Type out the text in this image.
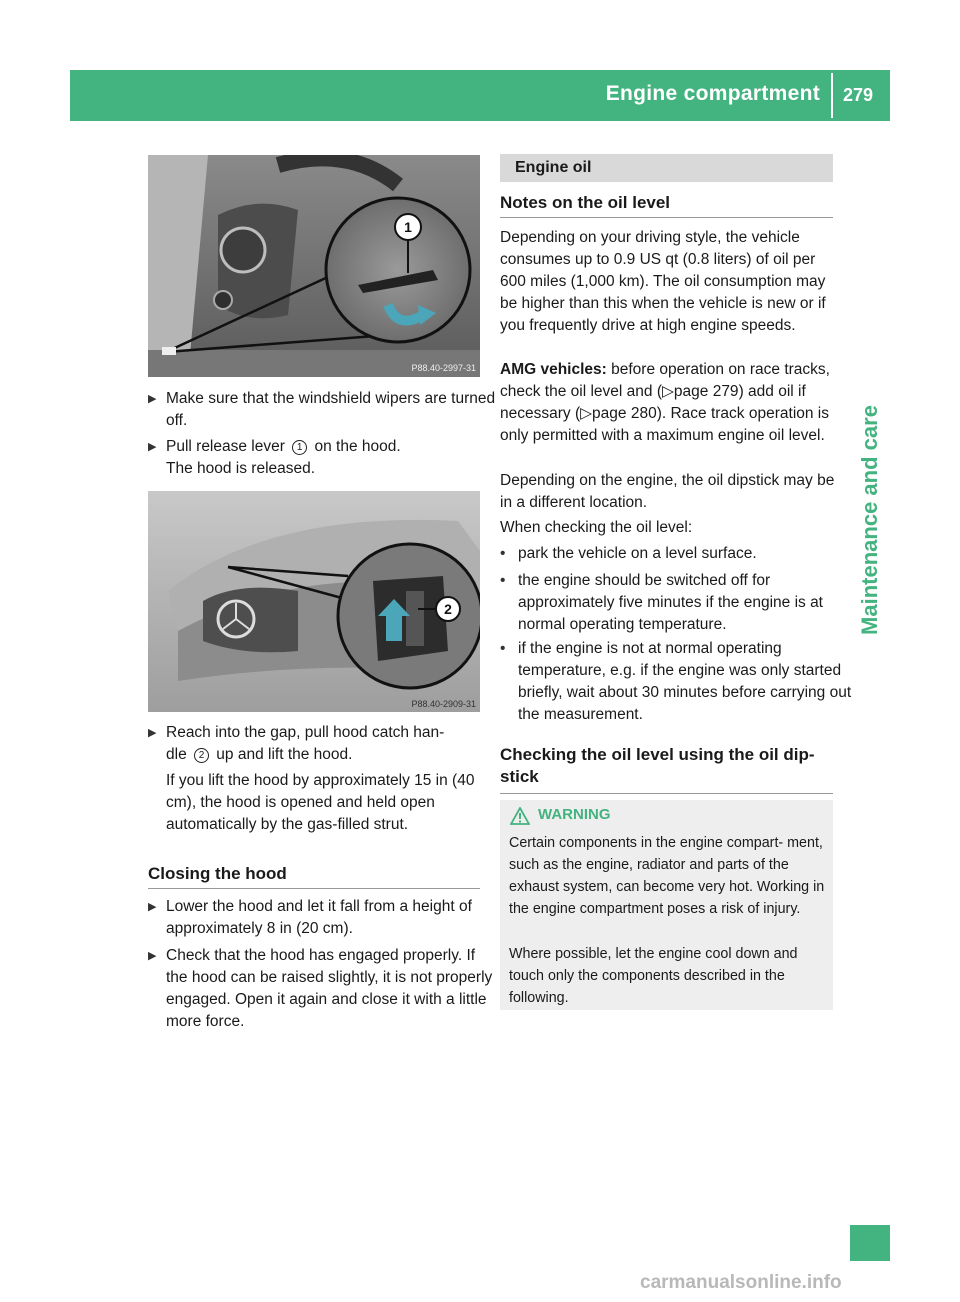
Engine compartment 279
Maintenance and care
1
P88.40-2997-31
▶ Make sure that the windshield wipers are turned off.
▶ Pull release lever 1 on the hood.
The hood is released.
2
P88.40-2909-31
▶ Reach into the gap, pull hood catch han-
dle 2 up and lift the hood.
If you lift the hood by approximately 15 in (40 cm), the hood is opened and held open automatically by the gas-filled strut.
Closing the hood
▶ Lower the hood and let it fall from a height of approximately 8 in (20 cm).
▶ Check that the hood has engaged properly. If the hood can be raised slightly, it is not properly engaged. Open it again and close it with a little more force.
Engine oil
Notes on the oil level
Depending on your driving style, the vehicle consumes up to 0.9 US qt (0.8 liters) of oil per 600 miles (1,000 km). The oil consumption may be higher than this when the vehicle is new or if you frequently drive at high engine speeds.
AMG vehicles: before operation on race tracks, check the oil level and (▷page 279) add oil if necessary (▷page 280). Race track operation is only permitted with a maximum engine oil level.
Depending on the engine, the oil dipstick may be in a different location.
When checking the oil level:
• park the vehicle on a level surface.
• the engine should be switched off for approximately five minutes if the engine is at normal operating temperature.
• if the engine is not at normal operating temperature, e.g. if the engine was only started briefly, wait about 30 minutes before carrying out the measurement.
Checking the oil level using the oil dip- stick
WARNING
Certain components in the engine compart- ment, such as the engine, radiator and parts of the exhaust system, can become very hot. Working in the engine compartment poses a risk of injury.
Where possible, let the engine cool down and touch only the components described in the following.
carmanualsonline.info
